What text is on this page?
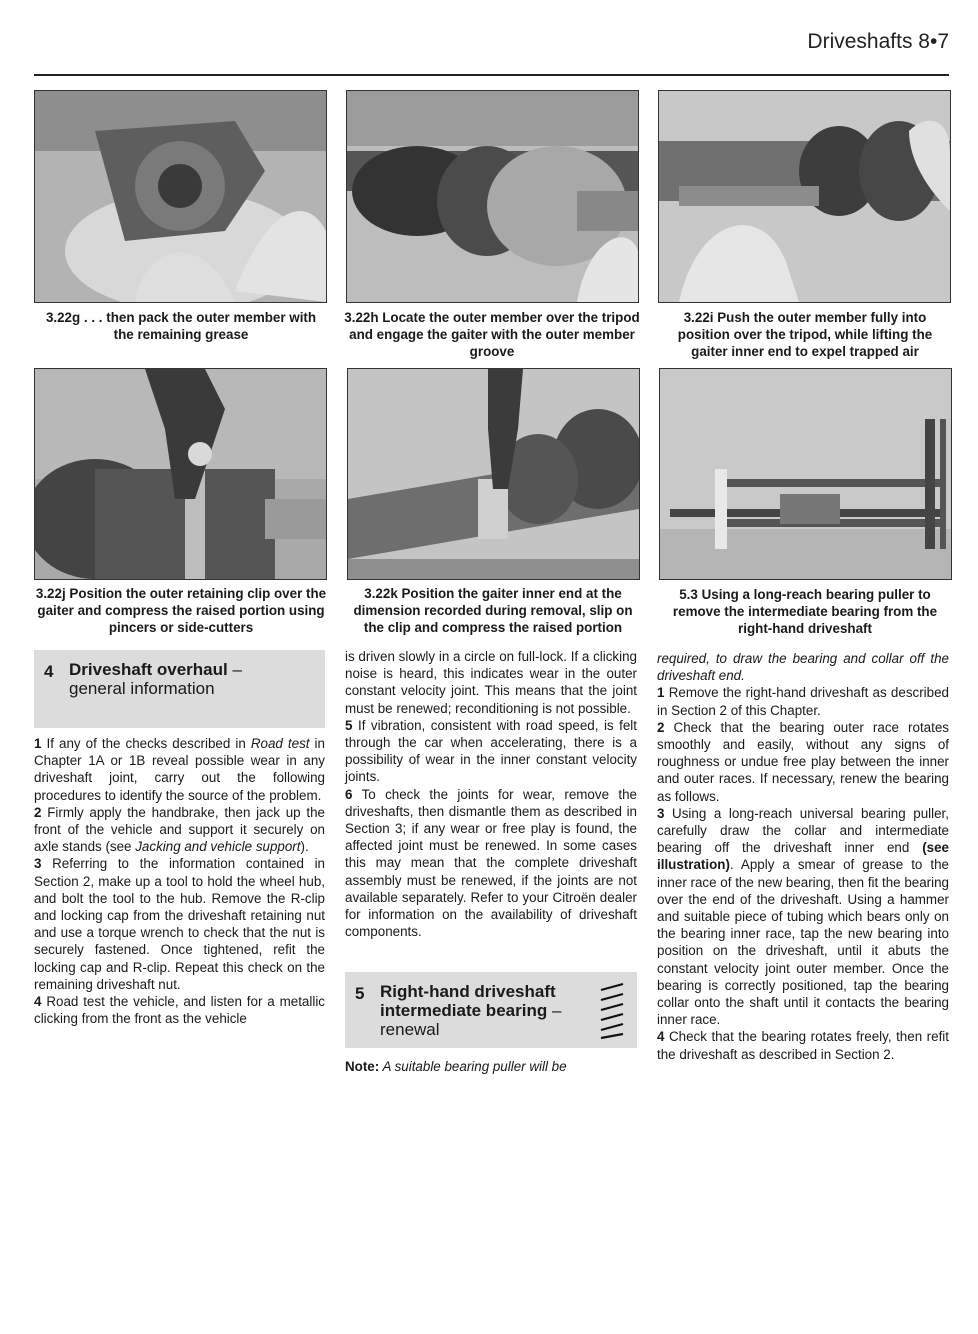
Driveshafts 8•7
3.22g . . . then pack the outer member with the remaining grease
3.22h Locate the outer member over the tripod and engage the gaiter with the outer member groove
3.22i Push the outer member fully into position over the tripod, while lifting the gaiter inner end to expel trapped air
3.22j Position the outer retaining clip over the gaiter and compress the raised portion using pincers or side-cutters
3.22k Position the gaiter inner end at the dimension recorded during removal, slip on the clip and compress the raised portion
5.3 Using a long-reach bearing puller to remove the intermediate bearing from the right-hand driveshaft
4 Driveshaft overhaul –
general information

1 If any of the checks described in Road test in Chapter 1A or 1B reveal possible wear in any driveshaft joint, carry out the following procedures to identify the source of the problem.

2 Firmly apply the handbrake, then jack up the front of the vehicle and support it securely on axle stands (see Jacking and vehicle support).

3 Referring to the information contained in Section 2, make up a tool to hold the wheel hub, and bolt the tool to the hub. Remove the R-clip and locking cap from the driveshaft retaining nut and use a torque wrench to check that the nut is securely fastened. Once tightened, refit the locking cap and R-clip. Repeat this check on the remaining driveshaft nut.

4 Road test the vehicle, and listen for a metallic clicking from the front as the vehicle

is driven slowly in a circle on full-lock. If a clicking noise is heard, this indicates wear in the outer constant velocity joint. This means that the joint must be renewed; reconditioning is not possible.

5 If vibration, consistent with road speed, is felt through the car when accelerating, there is a possibility of wear in the inner constant velocity joints.

6 To check the joints for wear, remove the driveshafts, then dismantle them as described in Section 3; if any wear or free play is found, the affected joint must be renewed. In some cases this may mean that the complete driveshaft assembly must be renewed, if the joints are not available separately. Refer to your Citroën dealer for information on the availability of driveshaft components.

5 Right-hand driveshaft
intermediate bearing –
renewal

Note: A suitable bearing puller will be

required, to draw the bearing and collar off the driveshaft end.

1 Remove the right-hand driveshaft as described in Section 2 of this Chapter.

2 Check that the bearing outer race rotates smoothly and easily, without any signs of roughness or undue free play between the inner and outer races. If necessary, renew the bearing as follows.

3 Using a long-reach universal bearing puller, carefully draw the collar and intermediate bearing off the driveshaft inner end (see illustration). Apply a smear of grease to the inner race of the new bearing, then fit the bearing over the end of the driveshaft. Using a hammer and suitable piece of tubing which bears only on the bearing inner race, tap the new bearing into position on the driveshaft, until it abuts the constant velocity joint outer member. Once the bearing is correctly positioned, tap the bearing collar onto the shaft until it contacts the bearing inner race.

4 Check that the bearing rotates freely, then refit the driveshaft as described in Section 2.
